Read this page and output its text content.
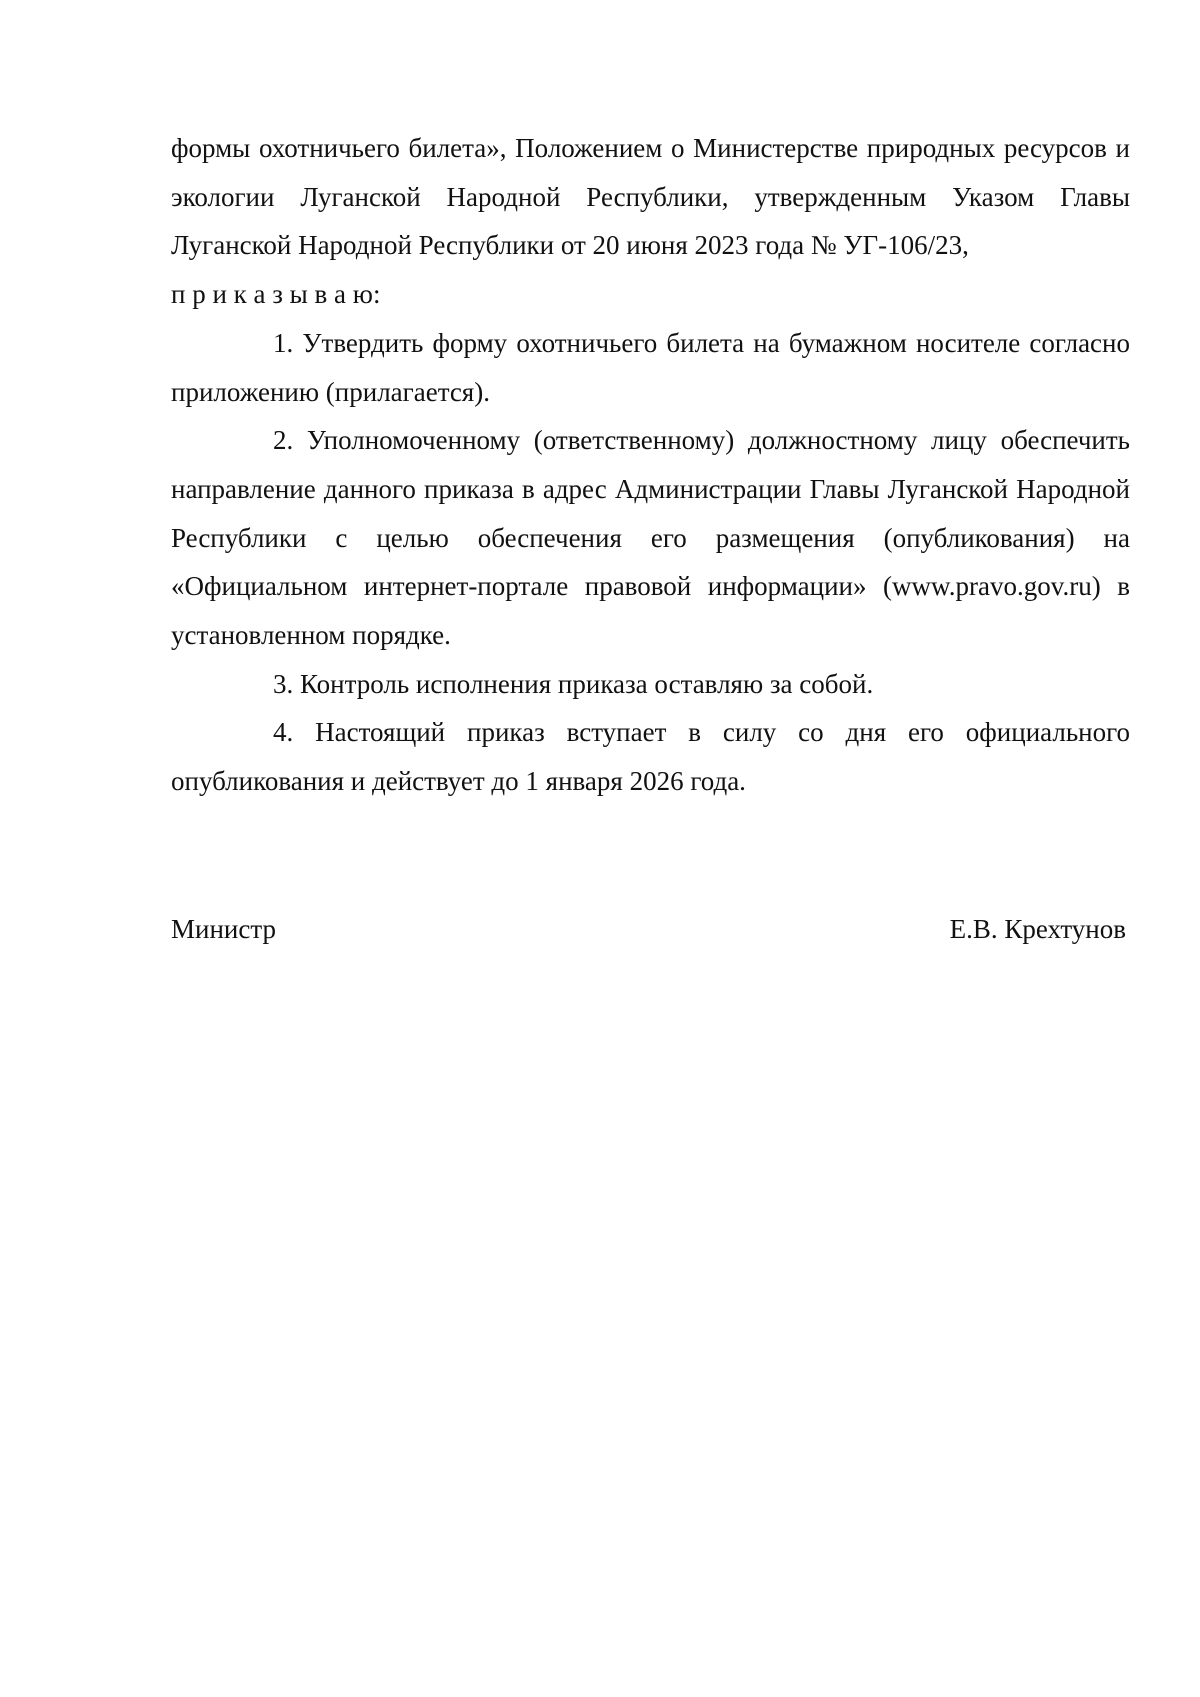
формы охотничьего билета», Положением о Министерстве природных ресурсов и экологии Луганской Народной Республики, утвержденным Указом Главы Луганской Народной Республики от 20 июня 2023 года № УГ-106/23,

п р и к а з ы в а ю:

1. Утвердить форму охотничьего билета на бумажном носителе согласно приложению (прилагается).

2. Уполномоченному (ответственному) должностному лицу обеспечить направление данного приказа в адрес Администрации Главы Луганской Народной Республики с целью обеспечения его размещения (опубликования) на «Официальном интернет-портале правовой информации» (www.pravo.gov.ru) в установленном порядке.

3. Контроль исполнения приказа оставляю за собой.

4. Настоящий приказ вступает в силу со дня его официального опубликования и действует до 1 января 2026 года.

Министр	Е.В. Крехтунов
